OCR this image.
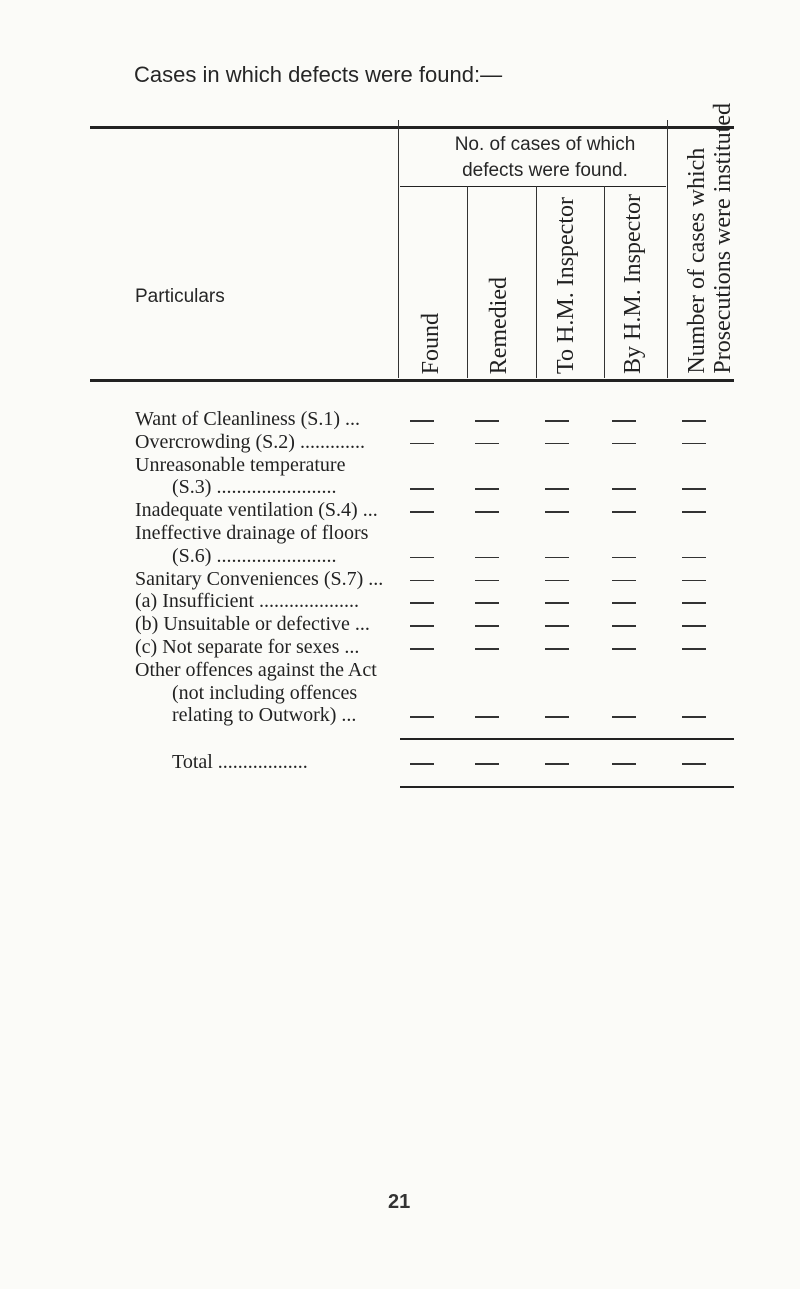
Cases in which defects were found:—
No. of cases of which
defects were found.
Particulars
Found Remedied To H.M. Inspector By H.M. Inspector Number of cases which
Prosecutions were instituted
Want of Cleanliness (S.1) ...
Overcrowding (S.2) .............
Unreasonable temperature
(S.3) ........................
Inadequate ventilation (S.4) ...
Ineffective drainage of floors
(S.6) ........................
Sanitary Conveniences (S.7) ...
(a) Insufficient ....................
(b) Unsuitable or defective ...
(c) Not separate for sexes ...
Other offences against the Act
(not including offences
relating to Outwork) ...
Total ..................
21
